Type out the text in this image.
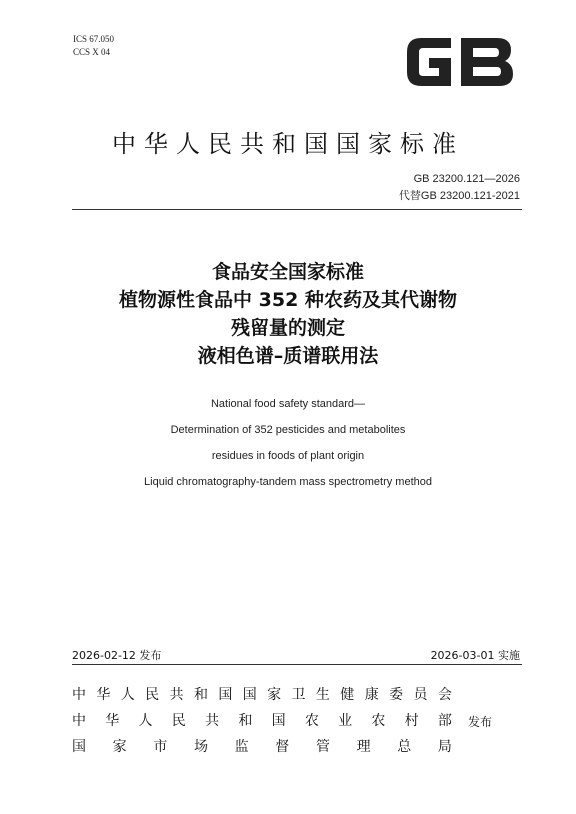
ICS 67.050
CCS X 04
中华人民共和国国家标准
GB 23200.121—2026
代替GB 23200.121-2021
食品安全国家标准
植物源性食品中 352 种农药及其代谢物
残留量的测定
液相色谱–质谱联用法
National food safety standard—
Determination of 352 pesticides and metabolites
residues in foods of plant origin
Liquid chromatography-tandem mass spectrometry method
2026-02-12 发布	2026-03-01 实施
中 华 人 民 共 和 国 国 家 卫 生 健 康 委 员 会
中 华 人 民 共 和 国 农 业 农 村 部
国 家 市 场 监 督 管 理 总 局
发布
